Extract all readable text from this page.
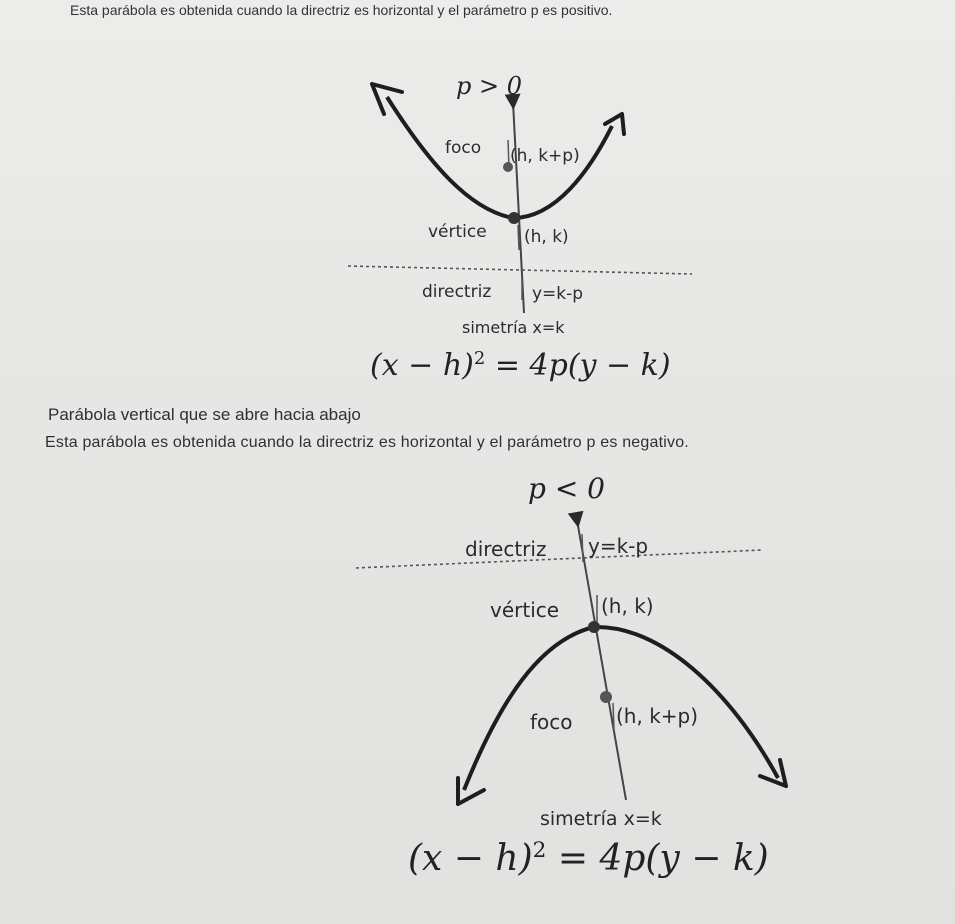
Esta parábola es obtenida cuando la directriz es horizontal y el parámetro p es positivo.
p > 0
foco (h, k+p)
vértice (h, k)
directriz y=k-p
simetría x=k
$(x - h)^2 = 4p(y - k)$
Parábola vertical que se abre hacia abajo
Esta parábola es obtenida cuando la directriz es horizontal y el parámetro p es negativo.
p < 0
directriz y=k-p
vértice (h, k)
foco (h, k+p)
simetría x=k
$(x - h)^2 = 4p(y - k)$
